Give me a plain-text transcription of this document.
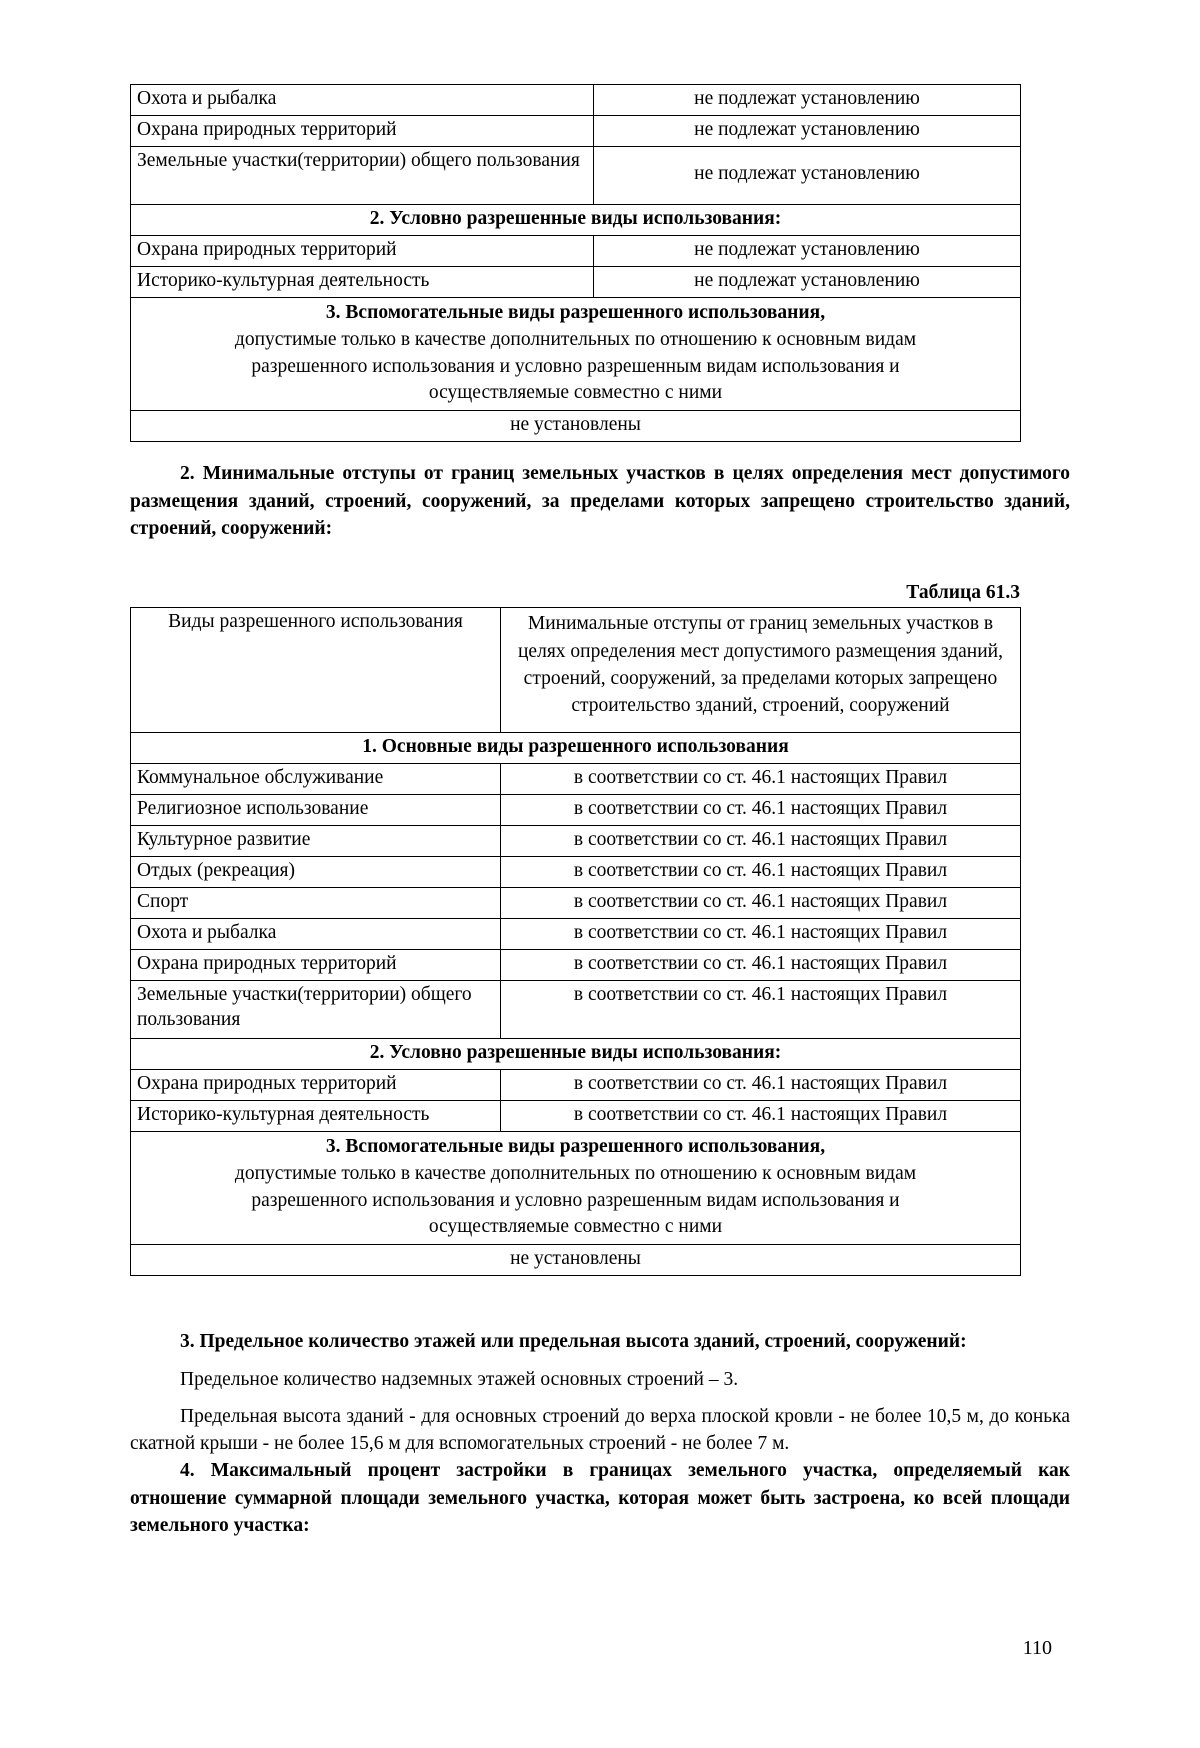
Охота и рыбалка	не подлежат установлению
Охрана природных территорий	не подлежат установлению
Земельные участки(территории) общего пользования	не подлежат установлению
2. Условно разрешенные виды использования:	
Охрана природных территорий	не подлежат установлению
Историко-культурная деятельность	не подлежат установлению

3. Вспомогательные виды разрешенного использования,
допустимые только в качестве дополнительных по отношению к основным видам
разрешенного использования и условно разрешенным видам использования и
осуществляемые совместно с ними	

не установлены	

2. Минимальные отступы от границ земельных участков в целях определения мест допустимого размещения зданий, строений, сооружений, за пределами которых запрещено строительство зданий, строений, сооружений:

Таблица 61.3

Виды разрешенного использования	Минимальные отступы от границ земельных участков в целях определения мест допустимого размещения зданий, строений, сооружений, за пределами которых запрещено строительство зданий, строений, сооружений
1. Основные виды разрешенного использования	
Коммунальное обслуживание	в соответствии со ст. 46.1 настоящих Правил
Религиозное использование	в соответствии со ст. 46.1 настоящих Правил
Культурное развитие	в соответствии со ст. 46.1 настоящих Правил
Отдых (рекреация)	в соответствии со ст. 46.1 настоящих Правил
Спорт	в соответствии со ст. 46.1 настоящих Правил
Охота и рыбалка	в соответствии со ст. 46.1 настоящих Правил
Охрана природных территорий	в соответствии со ст. 46.1 настоящих Правил
Земельные участки(территории) общего пользования	в соответствии со ст. 46.1 настоящих Правил
2. Условно разрешенные виды использования:	
Охрана природных территорий	в соответствии со ст. 46.1 настоящих Правил
Историко-культурная деятельность	в соответствии со ст. 46.1 настоящих Правил

3. Вспомогательные виды разрешенного использования,
допустимые только в качестве дополнительных по отношению к основным видам
разрешенного использования и условно разрешенным видам использования и
осуществляемые совместно с ними	

не установлены	

3. Предельное количество этажей или предельная высота зданий, строений, сооружений:

Предельное количество надземных этажей основных строений – 3.

Предельная высота зданий - для основных строений до верха плоской кровли - не более 10,5 м, до конька скатной крыши - не более 15,6 м для вспомогательных строений - не более 7 м.

4. Максимальный процент застройки в границах земельного участка, определяемый как отношение суммарной площади земельного участка, которая может быть застроена, ко всей площади земельного участка:

110
